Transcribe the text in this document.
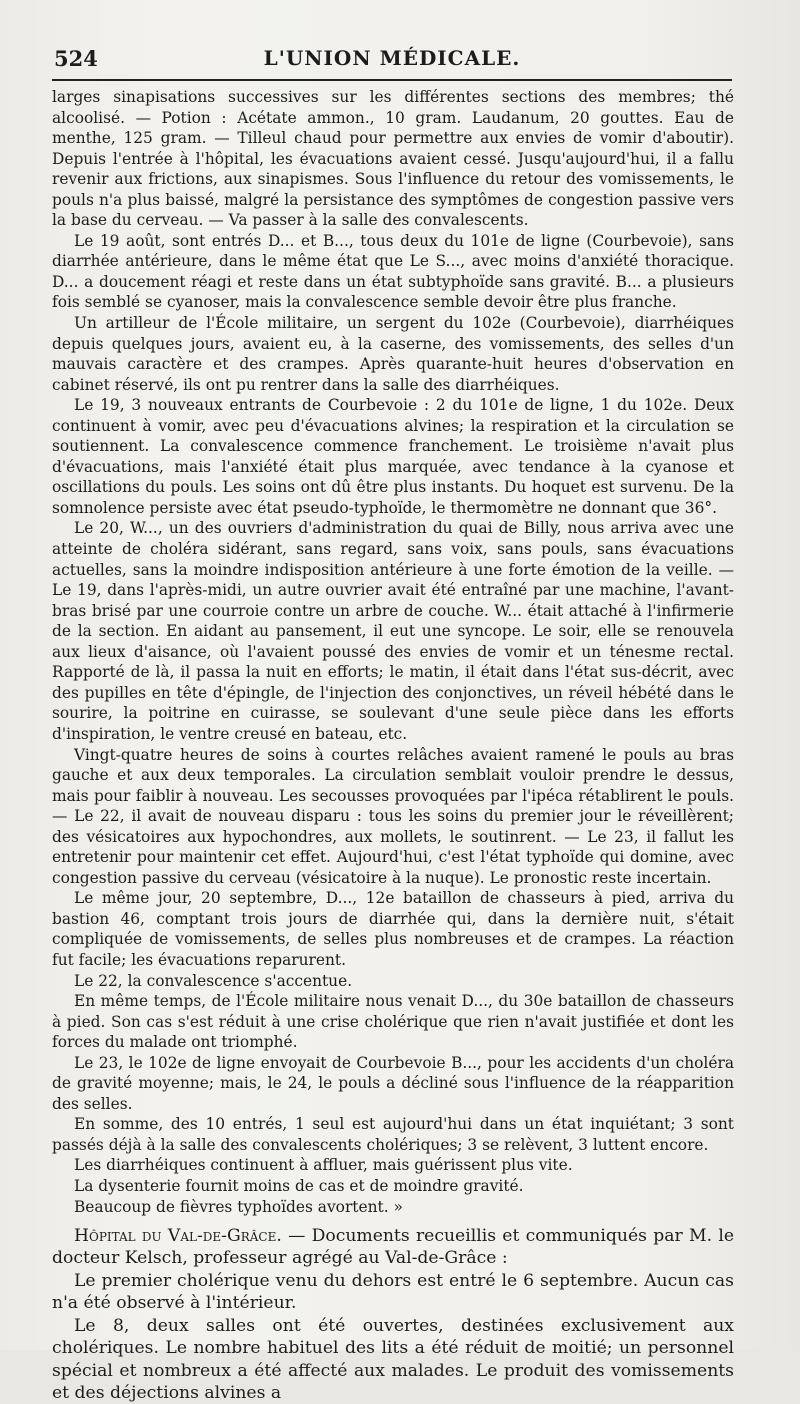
524	L'UNION MÉDICALE.

larges sinapisations successives sur les différentes sections des membres; thé alcoolisé. — Potion : Acétate ammon., 10 gram. Laudanum, 20 gouttes. Eau de menthe, 125 gram. — Tilleul chaud pour permettre aux envies de vomir d'aboutir). Depuis l'entrée à l'hôpital, les évacuations avaient cessé. Jusqu'aujourd'hui, il a fallu revenir aux frictions, aux sinapismes. Sous l'influence du retour des vomissements, le pouls n'a plus baissé, malgré la persistance des symptômes de congestion passive vers la base du cerveau. — Va passer à la salle des convalescents.

Le 19 août, sont entrés D... et B..., tous deux du 101e de ligne (Courbevoie), sans diarrhée antérieure, dans le même état que Le S..., avec moins d'anxiété thoracique. D... a doucement réagi et reste dans un état subtyphoïde sans gravité. B... a plusieurs fois semblé se cyanoser, mais la convalescence semble devoir être plus franche.

Un artilleur de l'École militaire, un sergent du 102e (Courbevoie), diarrhéiques depuis quelques jours, avaient eu, à la caserne, des vomissements, des selles d'un mauvais caractère et des crampes. Après quarante-huit heures d'observation en cabinet réservé, ils ont pu rentrer dans la salle des diarrhéiques.

Le 19, 3 nouveaux entrants de Courbevoie : 2 du 101e de ligne, 1 du 102e. Deux continuent à vomir, avec peu d'évacuations alvines; la respiration et la circulation se soutiennent. La convalescence commence franchement. Le troisième n'avait plus d'évacuations, mais l'anxiété était plus marquée, avec tendance à la cyanose et oscillations du pouls. Les soins ont dû être plus instants. Du hoquet est survenu. De la somnolence persiste avec état pseudo-typhoïde, le thermomètre ne donnant que 36°.

Le 20, W..., un des ouvriers d'administration du quai de Billy, nous arriva avec une atteinte de choléra sidérant, sans regard, sans voix, sans pouls, sans évacuations actuelles, sans la moindre indisposition antérieure à une forte émotion de la veille. — Le 19, dans l'après-midi, un autre ouvrier avait été entraîné par une machine, l'avant-bras brisé par une courroie contre un arbre de couche. W... était attaché à l'infirmerie de la section. En aidant au pansement, il eut une syncope. Le soir, elle se renouvela aux lieux d'aisance, où l'avaient poussé des envies de vomir et un ténesme rectal. Rapporté de là, il passa la nuit en efforts; le matin, il était dans l'état sus-décrit, avec des pupilles en tête d'épingle, de l'injection des conjonctives, un réveil hébété dans le sourire, la poitrine en cuirasse, se soulevant d'une seule pièce dans les efforts d'inspiration, le ventre creusé en bateau, etc.

Vingt-quatre heures de soins à courtes relâches avaient ramené le pouls au bras gauche et aux deux temporales. La circulation semblait vouloir prendre le dessus, mais pour faiblir à nouveau. Les secousses provoquées par l'ipéca rétablirent le pouls. — Le 22, il avait de nouveau disparu : tous les soins du premier jour le réveillèrent; des vésicatoires aux hypochondres, aux mollets, le soutinrent. — Le 23, il fallut les entretenir pour maintenir cet effet. Aujourd'hui, c'est l'état typhoïde qui domine, avec congestion passive du cerveau (vésicatoire à la nuque). Le pronostic reste incertain.

Le même jour, 20 septembre, D..., 12e bataillon de chasseurs à pied, arriva du bastion 46, comptant trois jours de diarrhée qui, dans la dernière nuit, s'était compliquée de vomissements, de selles plus nombreuses et de crampes. La réaction fut facile; les évacuations reparurent.

Le 22, la convalescence s'accentue.

En même temps, de l'École militaire nous venait D..., du 30e bataillon de chasseurs à pied. Son cas s'est réduit à une crise cholérique que rien n'avait justifiée et dont les forces du malade ont triomphé.

Le 23, le 102e de ligne envoyait de Courbevoie B..., pour les accidents d'un choléra de gravité moyenne; mais, le 24, le pouls a décliné sous l'influence de la réapparition des selles.

En somme, des 10 entrés, 1 seul est aujourd'hui dans un état inquiétant; 3 sont passés déjà à la salle des convalescents cholériques; 3 se relèvent, 3 luttent encore.

Les diarrhéiques continuent à affluer, mais guérissent plus vite.

La dysenterie fournit moins de cas et de moindre gravité.

Beaucoup de fièvres typhoïdes avortent. »

Hôpital du Val-de-Grâce. — Documents recueillis et communiqués par M. le docteur Kelsch, professeur agrégé au Val-de-Grâce :

Le premier cholérique venu du dehors est entré le 6 septembre. Aucun cas n'a été observé à l'intérieur.

Le 8, deux salles ont été ouvertes, destinées exclusivement aux cholériques. Le nombre habituel des lits a été réduit de moitié; un personnel spécial et nombreux a été affecté aux malades. Le produit des vomissements et des déjections alvines a
